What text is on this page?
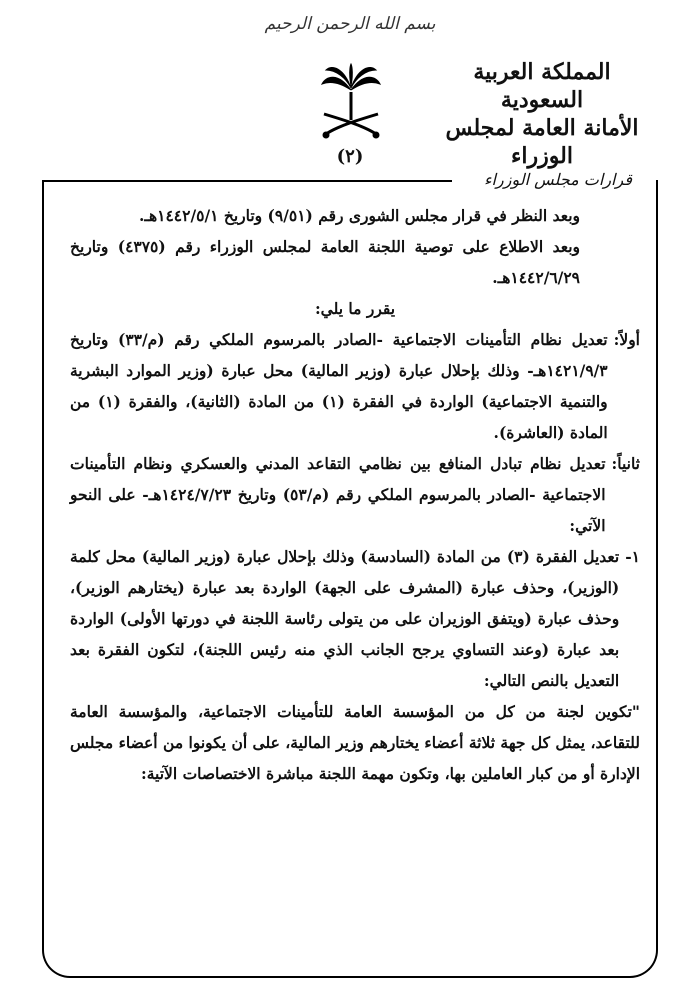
بسم الله الرحمن الرحيم
المملكة العربية السعودية
الأمانة العامة لمجلس الوزراء
(٢)
قرارات مجلس الوزراء

وبعد النظر في قرار مجلس الشورى رقم (٩/٥١) وتاريخ ١٤٤٢/٥/١هـ.

وبعد الاطلاع على توصية اللجنة العامة لمجلس الوزراء رقم (٤٣٧٥) وتاريخ ١٤٤٢/٦/٢٩هـ.

يقرر ما يلي:

أولاً:
تعديل نظام التأمينات الاجتماعية -الصادر بالمرسوم الملكي رقم (م/٣٣) وتاريخ ١٤٢١/٩/٣هـ- وذلك بإحلال عبارة (وزير المالية) محل عبارة (وزير الموارد البشرية والتنمية الاجتماعية) الواردة في الفقرة (١) من المادة (الثانية)، والفقرة (١) من المادة (العاشرة).
ثانياً:
تعديل نظام تبادل المنافع بين نظامي التقاعد المدني والعسكري ونظام التأمينات الاجتماعية -الصادر بالمرسوم الملكي رقم (م/٥٣) وتاريخ ١٤٢٤/٧/٢٣هـ- على النحو الآتي:
١-
تعديل الفقرة (٣) من المادة (السادسة) وذلك بإحلال عبارة (وزير المالية) محل كلمة (الوزير)، وحذف عبارة (المشرف على الجهة) الواردة بعد عبارة (يختارهم الوزير)، وحذف عبارة (ويتفق الوزيران على من يتولى رئاسة اللجنة في دورتها الأولى) الواردة بعد عبارة (وعند التساوي يرجح الجانب الذي منه رئيس اللجنة)، لتكون الفقرة بعد التعديل بالنص التالي:

"تكوين لجنة من كل من المؤسسة العامة للتأمينات الاجتماعية، والمؤسسة العامة للتقاعد، يمثل كل جهة ثلاثة أعضاء يختارهم وزير المالية، على أن يكونوا من أعضاء مجلس الإدارة أو من كبار العاملين بها، وتكون مهمة اللجنة مباشرة الاختصاصات الآتية:
